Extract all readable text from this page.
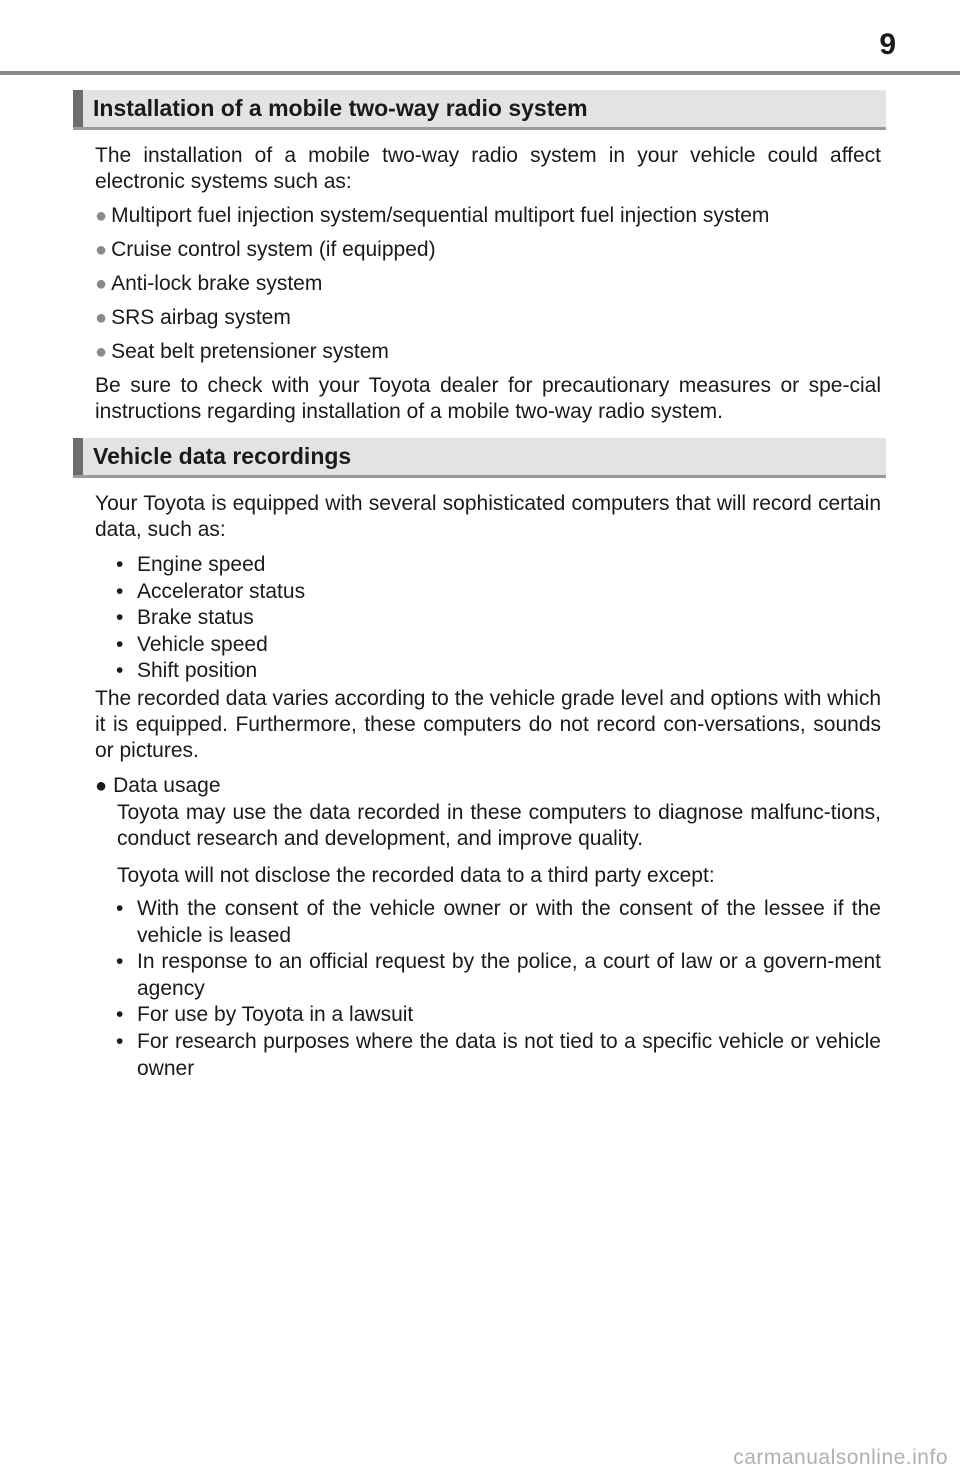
9
Installation of a mobile two-way radio system
The installation of a mobile two-way radio system in your vehicle could affect electronic systems such as:
● Multiport fuel injection system/sequential multiport fuel injection system
● Cruise control system (if equipped)
● Anti-lock brake system
● SRS airbag system
● Seat belt pretensioner system
Be sure to check with your Toyota dealer for precautionary measures or spe-cial instructions regarding installation of a mobile two-way radio system.
Vehicle data recordings
Your Toyota is equipped with several sophisticated computers that will record certain data, such as:
• Engine speed
• Accelerator status
• Brake status
• Vehicle speed
• Shift position
The recorded data varies according to the vehicle grade level and options with which it is equipped. Furthermore, these computers do not record con-versations, sounds or pictures.
● Data usage
Toyota may use the data recorded in these computers to diagnose malfunc-tions, conduct research and development, and improve quality.
Toyota will not disclose the recorded data to a third party except:
• With the consent of the vehicle owner or with the consent of the lessee if the vehicle is leased
• In response to an official request by the police, a court of law or a govern-ment agency
• For use by Toyota in a lawsuit
• For research purposes where the data is not tied to a specific vehicle or vehicle owner
carmanualsonline.info
